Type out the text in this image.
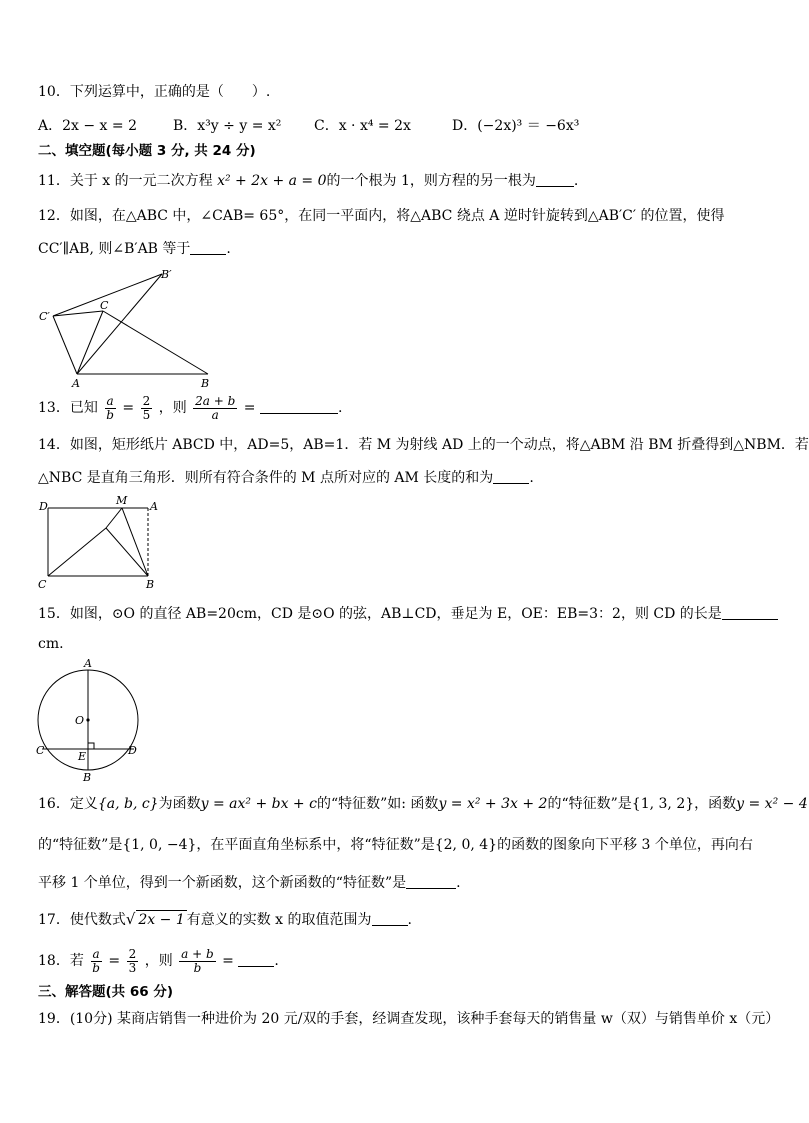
10．下列运算中，正确的是（　　）.
A．2x − x = 2	B．x³y ÷ y = x² C．x · x⁴ = 2x	D．(−2x)³ ＝ −6x³
二、填空题(每小题 3 分, 共 24 分)
11．关于 x 的一元二次方程 x² + 2x + a = 0的一个根为 1，则方程的另一根为	.
12．如图，在△ABC 中，∠CAB= 65°，在同一平面内，将△ABC 绕点 A 逆时针旋转到△AB′C′ 的位置，使得
CC′∥AB, 则∠B′AB 等于	.
B′
C′
C
A	B
13．已知 $\frac{a}{b} = \frac{2}{5}$ ，则 $\frac{2a + b}{a}$ =	.
14．如图，矩形纸片 ABCD 中，AD=5，AB=1．若 M 为射线 AD 上的一个动点，将△ABM 沿 BM 折叠得到△NBM．若
△NBC 是直角三角形．则所有符合条件的 M 点所对应的 AM 长度的和为	.
D	M A
C	B
15．如图，⊙O 的直径 AB=20cm，CD 是⊙O 的弦，AB⊥CD，垂足为 E，OE：EB=3：2，则 CD 的长是
cm.
A
O
C	E	D
B
16．定义{a, b, c}为函数y = ax² + bx + c的“特征数”如: 函数y = x² + 3x + 2的“特征数”是{1, 3, 2}，函数y = x² − 4
的“特征数”是{1, 0, −4}，在平面直角坐标系中，将“特征数”是{2, 0, 4}的函数的图象向下平移 3 个单位，再向右
平移 1 个单位，得到一个新函数，这个新函数的“特征数”是	.
17．使代数式√ 2x − 1 有意义的实数 x 的取值范围为	.
18．若 $\frac{a}{b} = \frac{2}{3}$ ，则 $\frac{a + b}{b}$ =	.
三、解答题(共 66 分)
19．(10分) 某商店销售一种进价为 20 元/双的手套，经调查发现，该种手套每天的销售量 w（双）与销售单价 x（元）
